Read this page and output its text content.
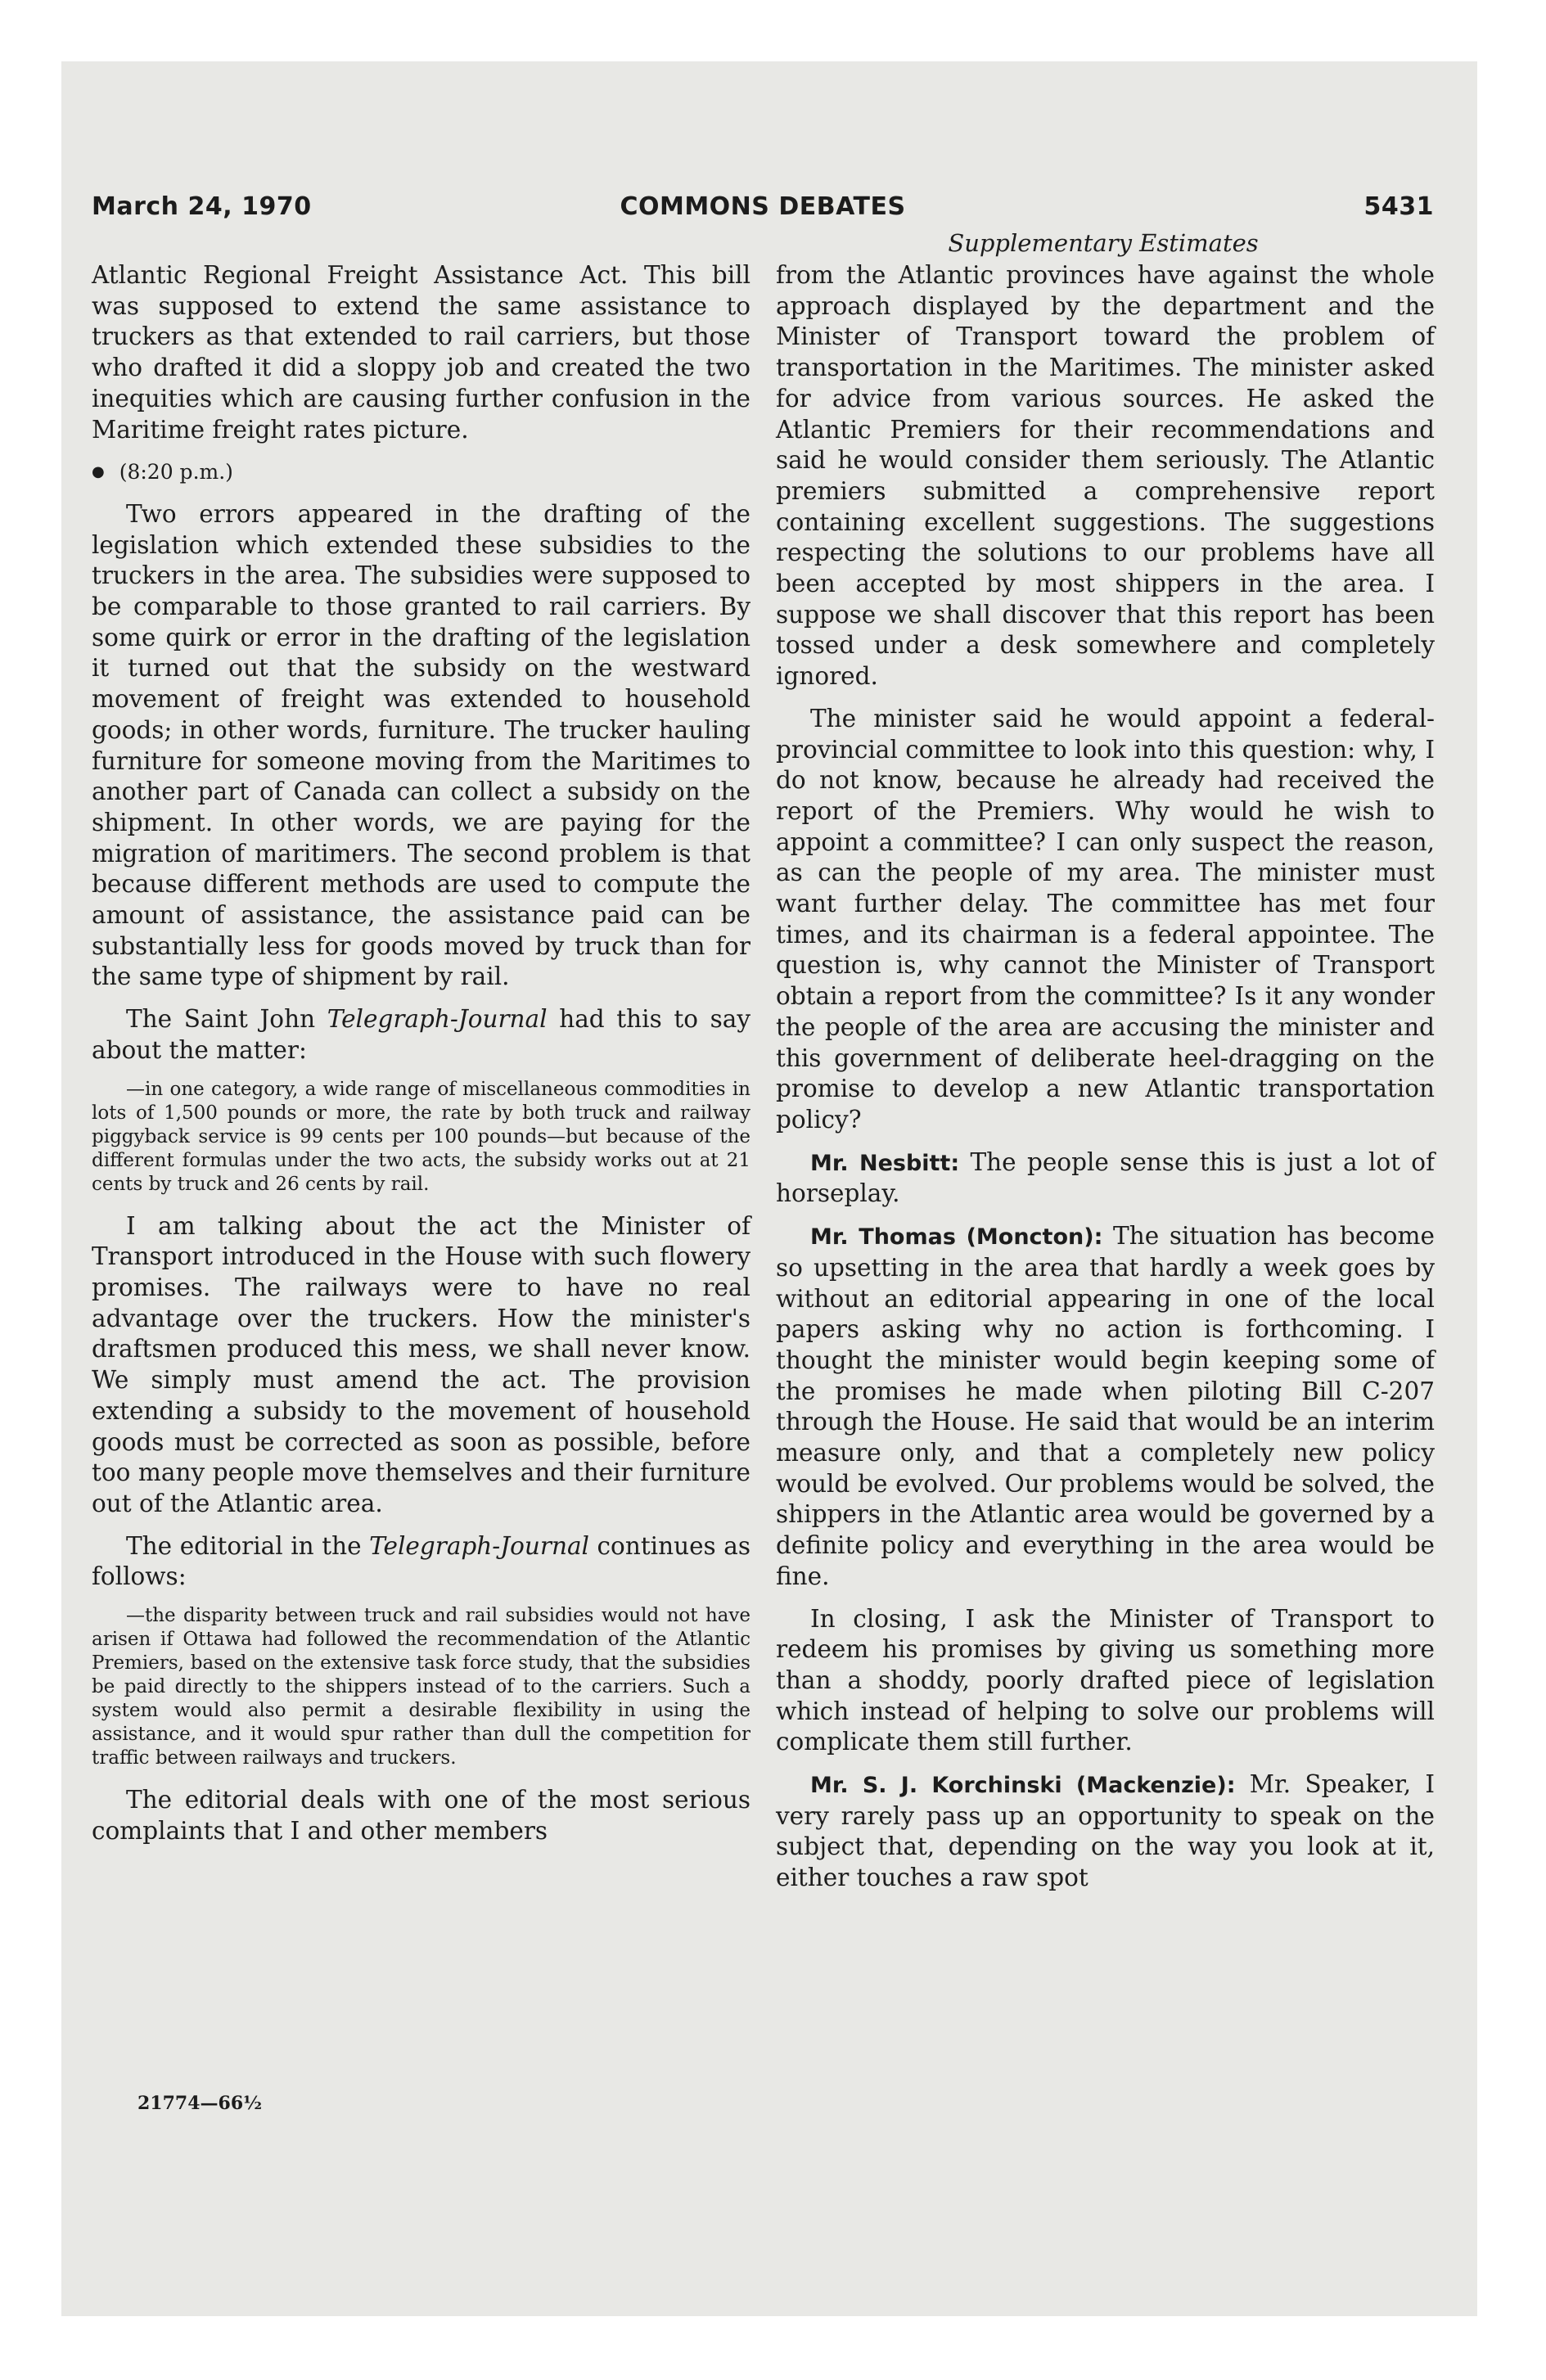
March 24, 1970	COMMONS DEBATES	5431
Supplementary Estimates

Atlantic Regional Freight Assistance Act. This bill was supposed to extend the same assistance to truckers as that extended to rail carriers, but those who drafted it did a sloppy job and created the two inequities which are causing further confusion in the Maritime freight rates picture.

● (8:20 p.m.)

Two errors appeared in the drafting of the legislation which extended these subsidies to the truckers in the area. The subsidies were supposed to be comparable to those granted to rail carriers. By some quirk or error in the drafting of the legislation it turned out that the subsidy on the westward movement of freight was extended to household goods; in other words, furniture. The trucker hauling furniture for someone moving from the Maritimes to another part of Canada can collect a subsidy on the shipment. In other words, we are paying for the migration of maritimers. The second problem is that because different methods are used to compute the amount of assistance, the assistance paid can be substantially less for goods moved by truck than for the same type of shipment by rail.

The Saint John Telegraph-Journal had this to say about the matter:

—in one category, a wide range of miscellaneous commodities in lots of 1,500 pounds or more, the rate by both truck and railway piggyback service is 99 cents per 100 pounds—but because of the different formulas under the two acts, the subsidy works out at 21 cents by truck and 26 cents by rail.

I am talking about the act the Minister of Transport introduced in the House with such flowery promises. The railways were to have no real advantage over the truckers. How the minister's draftsmen produced this mess, we shall never know. We simply must amend the act. The provision extending a subsidy to the movement of household goods must be corrected as soon as possible, before too many people move themselves and their furniture out of the Atlantic area.

The editorial in the Telegraph-Journal continues as follows:

—the disparity between truck and rail subsidies would not have arisen if Ottawa had followed the recommendation of the Atlantic Premiers, based on the extensive task force study, that the subsidies be paid directly to the shippers instead of to the carriers. Such a system would also permit a desirable flexibility in using the assistance, and it would spur rather than dull the competition for traffic between railways and truckers.

The editorial deals with one of the most serious complaints that I and other members

from the Atlantic provinces have against the whole approach displayed by the department and the Minister of Transport toward the problem of transportation in the Maritimes. The minister asked for advice from various sources. He asked the Atlantic Premiers for their recommendations and said he would consider them seriously. The Atlantic premiers submitted a comprehensive report containing excellent suggestions. The suggestions respecting the solutions to our problems have all been accepted by most shippers in the area. I suppose we shall discover that this report has been tossed under a desk somewhere and completely ignored.

The minister said he would appoint a federal-provincial committee to look into this question: why, I do not know, because he already had received the report of the Premiers. Why would he wish to appoint a committee? I can only suspect the reason, as can the people of my area. The minister must want further delay. The committee has met four times, and its chairman is a federal appointee. The question is, why cannot the Minister of Transport obtain a report from the committee? Is it any wonder the people of the area are accusing the minister and this government of deliberate heel-dragging on the promise to develop a new Atlantic transportation policy?

Mr. Nesbitt: The people sense this is just a lot of horseplay.

Mr. Thomas (Moncton): The situation has become so upsetting in the area that hardly a week goes by without an editorial appearing in one of the local papers asking why no action is forthcoming. I thought the minister would begin keeping some of the promises he made when piloting Bill C-207 through the House. He said that would be an interim measure only, and that a completely new policy would be evolved. Our problems would be solved, the shippers in the Atlantic area would be governed by a definite policy and everything in the area would be fine.

In closing, I ask the Minister of Transport to redeem his promises by giving us something more than a shoddy, poorly drafted piece of legislation which instead of helping to solve our problems will complicate them still further.

Mr. S. J. Korchinski (Mackenzie): Mr. Speaker, I very rarely pass up an opportunity to speak on the subject that, depending on the way you look at it, either touches a raw spot

21774—66½
